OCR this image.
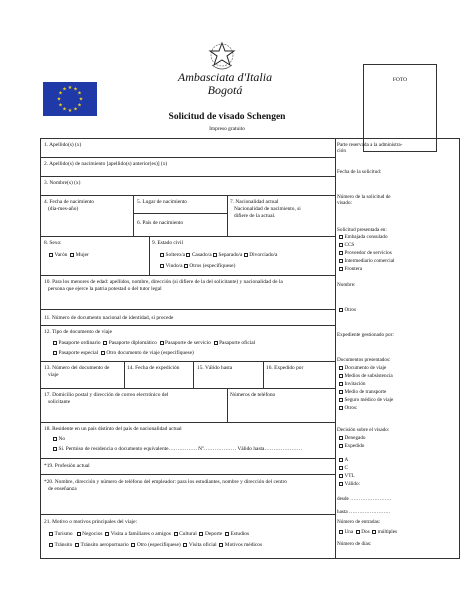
★ ★
★
★
★
★
★
★
★
★
★
★
Ambasciata d'Italia
Bogotá
FOTO
Solicitud de visado Schengen
Impreso gratuito
1. Apellido(s) (x)
2. Apellido(s) de nacimiento [apellido(s) anterior(es)] (x)
3. Nombre(s) (x)
4. Fecha de nacimiento
(día-mes-año)
5. Lugar de nacimiento
6. País de nacimiento
7. Nacionalidad actual
Nacionalidad de nacimiento, si
difiere de la actual.
8. Sexo:
Varón Mujer
9. Estado civil
Soltero/a Casado/a Separado/a Divorciado/a
Viudo/a Otros (especifíquese)
10. Para los menores de edad: apellidos, nombre, dirección (si difiere de la del solicitante) y nacionalidad de la
persona que ejerce la patria potestad o del tutor legal
11. Número de documento nacional de identidad, si procede
12. Tipo de documento de viaje
Pasaporte ordinario Pasaporte diplomático Pasaporte de servicio Pasaporte oficial
Pasaporte especial Otro documento de viaje (especifíquese)
13. Número del documento de
viaje
14. Fecha de expedición	15. Válido hasta	16. Expedido por
17. Domicilio postal y dirección de correo electrónico del
solicitante
Números de teléfono
18. Residente en un país distinto del país de nacionalidad actual
No
Sí. Permiso de residencia o documento equivalente……………. Nº……………… Válido hasta…………………
*19. Profesión actual
*20. Nombre, dirección y número de teléfono del empleador: para los estudiantes, nombre y dirección del centro
de enseñanza
21. Motivo o motivos principales del viaje:
Turismo Negocios Visita a familiares o amigos Cultural Deporte Estudios
Tránsito Tránsito aeroportuario Otro (especifíquese) Visita oficial Motivos médicos
Parte reservada a la administra-
ción
Fecha de la solicitud:
Número de la solicitud de
visado:
Solicitud presentada en:
Embajada consulado
CCS
Proveedor de servicios
Intermediario comercial
Frontera
Nombre:
Otros
Expediente gestionado por:
Documentos presentados:
Documento de viaje
Medios de subsistencia
Invitación
Medio de transporte
Seguro médico de viaje
Otros:
Decisión sobre el visado:
Denegado
Expedido
A
C
VTL
Válido:
desde ……………………
hasta ……………………
Número de entradas:
Una Dos múltiples
Número de días:
